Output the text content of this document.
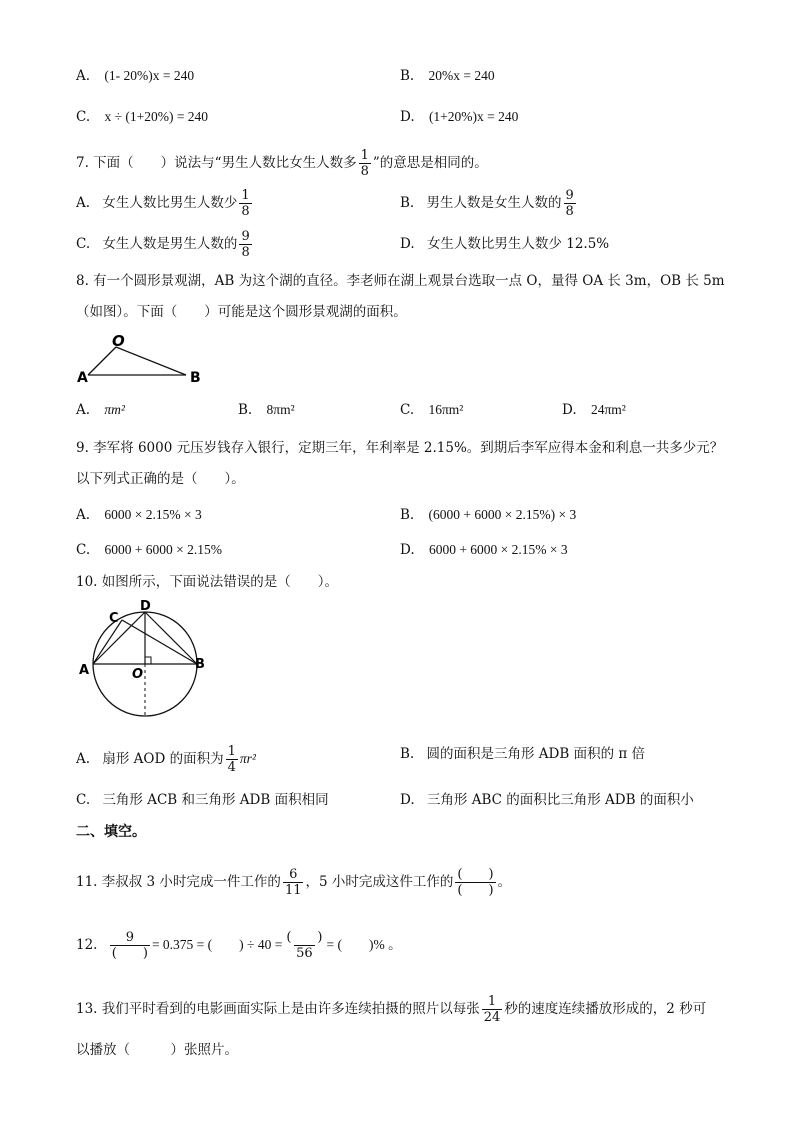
A. (1- 20%)x = 240	B. 20%x = 240
C. x ÷ (1+20%) = 240	D. (1+20%)x = 240
7. 下面（　　）说法与“男生人数比女生人数多 $\frac{1}{8}$ ”的意思是相同的。
A. 女生人数比男生人数少 $\frac{1}{8}$	B. 男生人数是女生人数的 $\frac{9}{8}$
C. 女生人数是男生人数的 $\frac{9}{8}$	D. 女生人数比男生人数少 12.5%
8. 有一个圆形景观湖，AB 为这个湖的直径。李老师在湖上观景台选取一点 O，量得 OA 长 3m，OB 长 5m
（如图）。下面（　　）可能是这个圆形景观湖的面积。
O
A	B
A. πm²	B. 8πm²	C. 16πm²	D. 24πm²
9. 李军将 6000 元压岁钱存入银行，定期三年，年利率是 2.15%。到期后李军应得本金和利息一共多少元？
以下列式正确的是（　　）。
A. 6000 × 2.15% × 3	B. (6000 + 6000 × 2.15%) × 3
C. 6000 + 6000 × 2.15%	D. 6000 + 6000 × 2.15% × 3
10. 如图所示，下面说法错误的是（　　）。
C
D
A	B
O
A. 扇形 AOD 的面积为 $\frac{1}{4} \pi r^2$	B. 圆的面积是三角形 ADB 面积的 π 倍
C. 三角形 ACB 和三角形 ADB 面积相同	D. 三角形 ABC 的面积比三角形 ADB 的面积小
二、填空。
11. 李叔叔 3 小时完成一件工作的 $\frac{6}{11}$ ，5 小时完成这件工作的 $\frac{( )}{( )}$ 。
12. $\frac{9}{( )} = 0.375$ = (　　) ÷ $40 = \frac{( )}{56}$ = (　　)% 。
13. 我们平时看到的电影画面实际上是由许多连续拍摄的照片以每张 $\frac{1}{24}$ 秒的速度连续播放形成的，2 秒可
以播放（　　　）张照片。
